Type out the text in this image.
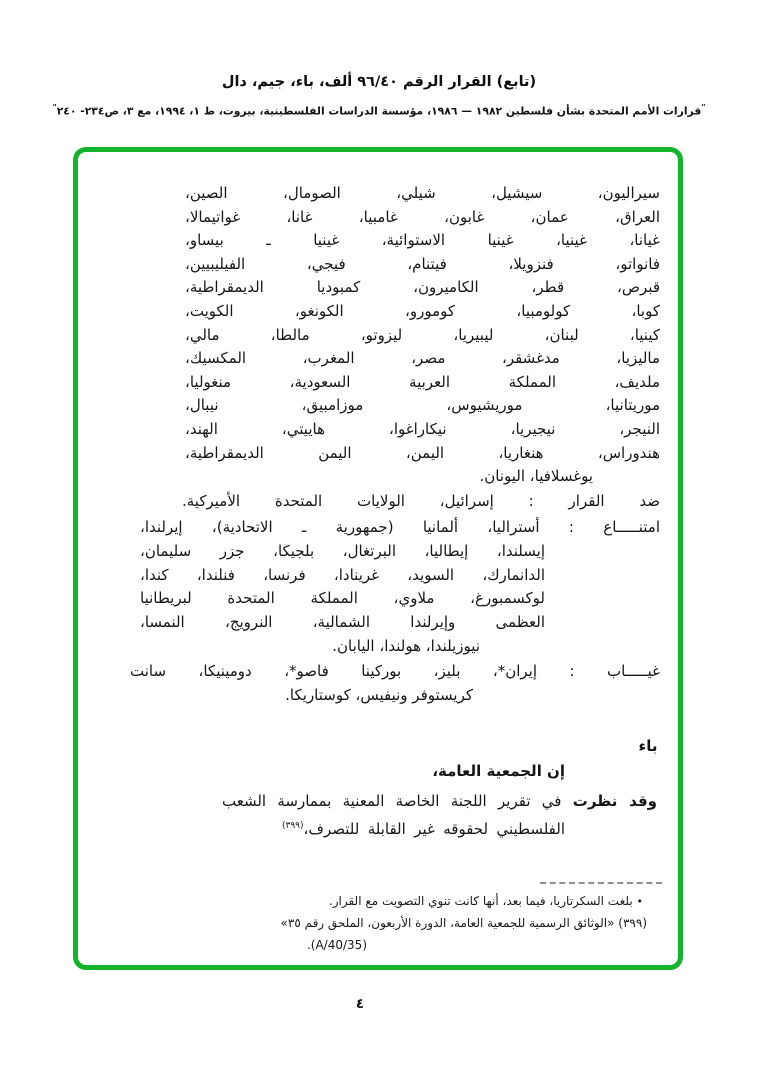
(تابع) القرار الرقم ٩٦/٤٠ ألف، باء، جيم، دال
"قرارات الأمم المتحدة بشأن فلسطين ١٩٨٢ — ١٩٨٦، مؤسسة الدراسات الفلسطينية، بيروت، ط ١، ١٩٩٤، مع ٣، ص٢٣٤- ٢٤٠"
سيراليون، سيشيل، شيلي، الصومال، الصين،
العراق، عمان، غابون، غامبيا، غانا، غواتيمالا،
غيانا، غينيا، غينيا الاستوائية، غينيا ـ بيساو،
فانواتو، فنزويلا، فيتنام، فيجي، الفيليبيين،
قبرص، قطر، الكاميرون، كمبوديا الديمقراطية،
كوبا، كولومبيا، كومورو، الكونغو، الكويت،
كينيا، لبنان، ليبيريا، ليزوتو، مالطا، مالي،
ماليزيا، مدغشقر، مصر، المغرب، المكسيك،
ملديف، المملكة العربية السعودية، منغوليا،
موريتانيا، موريشيوس، موزامبيق، نيبال،
النيجر، نيجيريا، نيكاراغوا، هاييتي، الهند،
هندوراس، هنغاريا، اليمن، اليمن الديمقراطية،
يوغسلافيا، اليونان.
ضد القرار : إسرائيل، الولايات المتحدة الأميركية.
امتنـــــاع : أستراليا، ألمانيا (جمهورية ـ الاتحادية)، إيرلندا،
إيسلندا، إيطاليا، البرتغال، بلجيكا، جزر سليمان،
الدانمارك، السويد، غرينادا، فرنسا، فنلندا، كندا،
لوكسمبورغ، ملاوي، المملكة المتحدة لبريطانيا
العظمى وإيرلندا الشمالية، النرويج، النمسا،
نيوزيلندا، هولندا، اليابان.
غيـــــاب : إيران*، بليز، بوركينا فاصو*، دومينيكا، سانت
كريستوفر ونيفيس، كوستاريكا.
باء
إن الجمعية العامة،
وقد نظرت في تقرير اللجنة الخاصة المعنية بممارسة الشعب
الفلسطيني لحقوقه غير القابلة للتصرف،$^{(٣٩٩)}$
• بلغت السكرتاريا، فيما بعد، أنها كانت تنوي التصويت مع القرار.
(٣٩٩) «الوثائق الرسمية للجمعية العامة، الدورة الأربعون، الملحق رقم ٣٥»
(A/40/35).
٤
